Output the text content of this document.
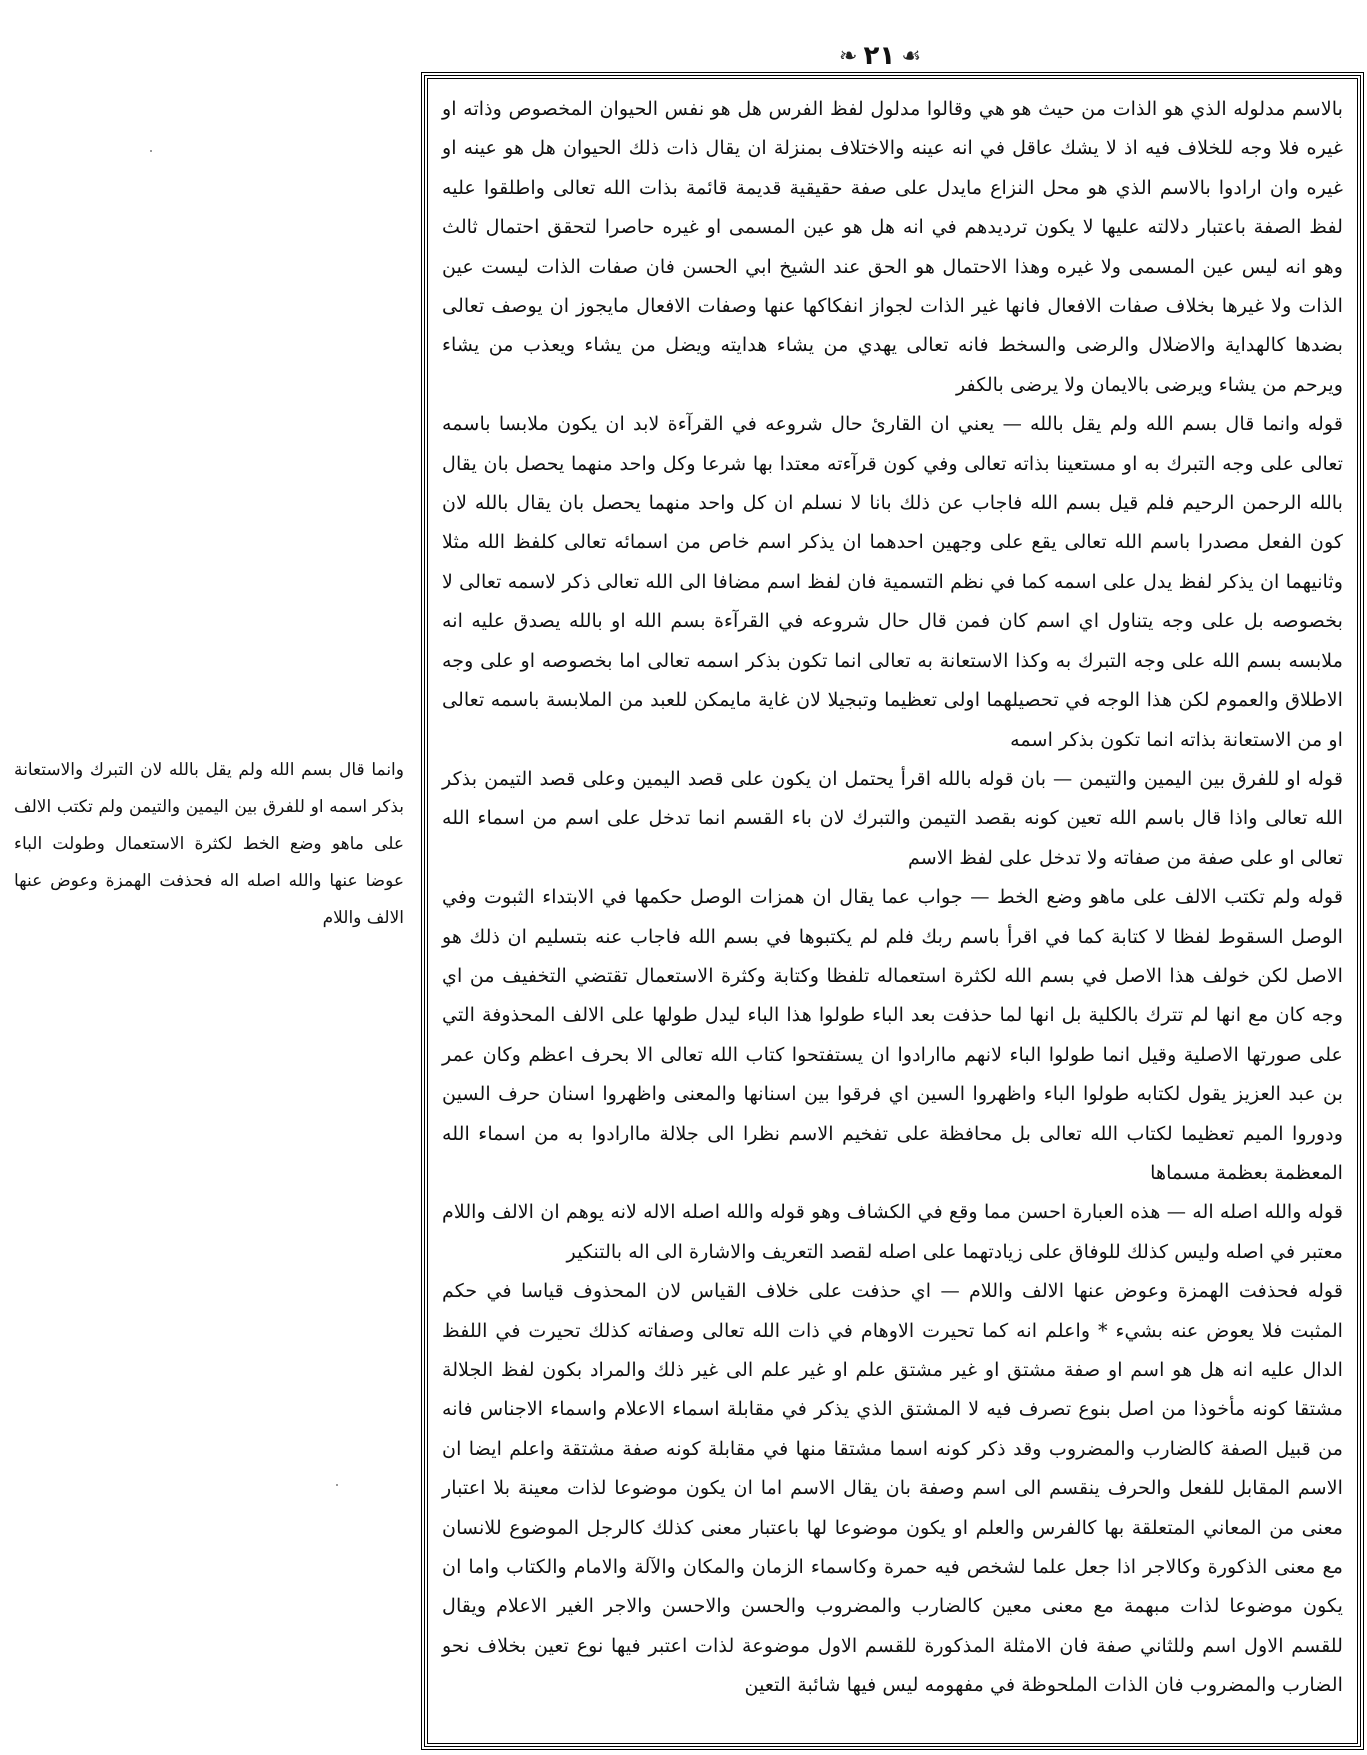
❧ ٢١ ☙

بالاسم مدلوله الذي هو الذات من حيث هو هي وقالوا مدلول لفظ الفرس هل هو نفس الحيوان المخصوص وذاته او غيره فلا وجه للخلاف فيه اذ لا يشك عاقل في انه عينه والاختلاف بمنزلة ان يقال ذات ذلك الحيوان هل هو عينه او غيره وان ارادوا بالاسم الذي هو محل النزاع مايدل على صفة حقيقية قديمة قائمة بذات الله تعالى واطلقوا عليه لفظ الصفة باعتبار دلالته عليها لا يكون ترديدهم في انه هل هو عين المسمى او غيره حاصرا لتحقق احتمال ثالث وهو انه ليس عين المسمى ولا غيره وهذا الاحتمال هو الحق عند الشيخ ابي الحسن فان صفات الذات ليست عين الذات ولا غيرها بخلاف صفات الافعال فانها غير الذات لجواز انفكاكها عنها وصفات الافعال مايجوز ان يوصف تعالى بضدها كالهداية والاضلال والرضى والسخط فانه تعالى يهدي من يشاء هدايته ويضل من يشاء ويعذب من يشاء ويرحم من يشاء ويرضى بالايمان ولا يرضى بالكفر

قوله وانما قال بسم الله ولم يقل بالله — يعني ان القارئ حال شروعه في القرآءة لابد ان يكون ملابسا باسمه تعالى على وجه التبرك به او مستعينا بذاته تعالى وفي كون قرآءته معتدا بها شرعا وكل واحد منهما يحصل بان يقال بالله الرحمن الرحيم فلم قيل بسم الله فاجاب عن ذلك بانا لا نسلم ان كل واحد منهما يحصل بان يقال بالله لان كون الفعل مصدرا باسم الله تعالى يقع على وجهين احدهما ان يذكر اسم خاص من اسمائه تعالى كلفظ الله مثلا وثانيهما ان يذكر لفظ يدل على اسمه كما في نظم التسمية فان لفظ اسم مضافا الى الله تعالى ذكر لاسمه تعالى لا بخصوصه بل على وجه يتناول اي اسم كان فمن قال حال شروعه في القرآءة بسم الله او بالله يصدق عليه انه ملابسه بسم الله على وجه التبرك به وكذا الاستعانة به تعالى انما تكون بذكر اسمه تعالى اما بخصوصه او على وجه الاطلاق والعموم لكن هذا الوجه في تحصيلهما اولى تعظيما وتبجيلا لان غاية مايمكن للعبد من الملابسة باسمه تعالى او من الاستعانة بذاته انما تكون بذكر اسمه

قوله او للفرق بين اليمين والتيمن — بان قوله بالله اقرأ يحتمل ان يكون على قصد اليمين وعلى قصد التيمن بذكر الله تعالى واذا قال باسم الله تعين كونه بقصد التيمن والتبرك لان باء القسم انما تدخل على اسم من اسماء الله تعالى او على صفة من صفاته ولا تدخل على لفظ الاسم

قوله ولم تكتب الالف على ماهو وضع الخط — جواب عما يقال ان همزات الوصل حكمها في الابتداء الثبوت وفي الوصل السقوط لفظا لا كتابة كما في اقرأ باسم ربك فلم لم يكتبوها في بسم الله فاجاب عنه بتسليم ان ذلك هو الاصل لكن خولف هذا الاصل في بسم الله لكثرة استعماله تلفظا وكتابة وكثرة الاستعمال تقتضي التخفيف من اي وجه كان مع انها لم تترك بالكلية بل انها لما حذفت بعد الباء طولوا هذا الباء ليدل طولها على الالف المحذوفة التي على صورتها الاصلية وقيل انما طولوا الباء لانهم ماارادوا ان يستفتحوا كتاب الله تعالى الا بحرف اعظم وكان عمر بن عبد العزيز يقول لكتابه طولوا الباء واظهروا السين اي فرقوا بين اسنانها والمعنى واظهروا اسنان حرف السين ودوروا الميم تعظيما لكتاب الله تعالى بل محافظة على تفخيم الاسم نظرا الى جلالة ماارادوا به من اسماء الله المعظمة بعظمة مسماها

قوله والله اصله اله — هذه العبارة احسن مما وقع في الكشاف وهو قوله والله اصله الاله لانه يوهم ان الالف واللام معتبر في اصله وليس كذلك للوفاق على زيادتهما على اصله لقصد التعريف والاشارة الى اله بالتنكير

قوله فحذفت الهمزة وعوض عنها الالف واللام — اي حذفت على خلاف القياس لان المحذوف قياسا في حكم المثبت فلا يعوض عنه بشيء * واعلم انه كما تحيرت الاوهام في ذات الله تعالى وصفاته كذلك تحيرت في اللفظ الدال عليه انه هل هو اسم او صفة مشتق او غير مشتق علم او غير علم الى غير ذلك والمراد بكون لفظ الجلالة مشتقا كونه مأخوذا من اصل بنوع تصرف فيه لا المشتق الذي يذكر في مقابلة اسماء الاعلام واسماء الاجناس فانه من قبيل الصفة كالضارب والمضروب وقد ذكر كونه اسما مشتقا منها في مقابلة كونه صفة مشتقة واعلم ايضا ان الاسم المقابل للفعل والحرف ينقسم الى اسم وصفة بان يقال الاسم اما ان يكون موضوعا لذات معينة بلا اعتبار معنى من المعاني المتعلقة بها كالفرس والعلم او يكون موضوعا لها باعتبار معنى كذلك كالرجل الموضوع للانسان مع معنى الذكورة وكالاجر اذا جعل علما لشخص فيه حمرة وكاسماء الزمان والمكان والآلة والامام والكتاب واما ان يكون موضوعا لذات مبهمة مع معنى معين كالضارب والمضروب والحسن والاحسن والاجر الغير الاعلام ويقال للقسم الاول اسم وللثاني صفة فان الامثلة المذكورة للقسم الاول موضوعة لذات اعتبر فيها نوع تعين بخلاف نحو الضارب والمضروب فان الذات الملحوظة في مفهومه ليس فيها شائبة التعين

وانما قال بسم الله ولم يقل بالله لان التبرك والاستعانة بذكر اسمه او للفرق بين اليمين والتيمن ولم تكتب الالف على ماهو وضع الخط لكثرة الاستعمال وطولت الباء عوضا عنها والله اصله اله فحذفت الهمزة وعوض عنها الالف واللام
